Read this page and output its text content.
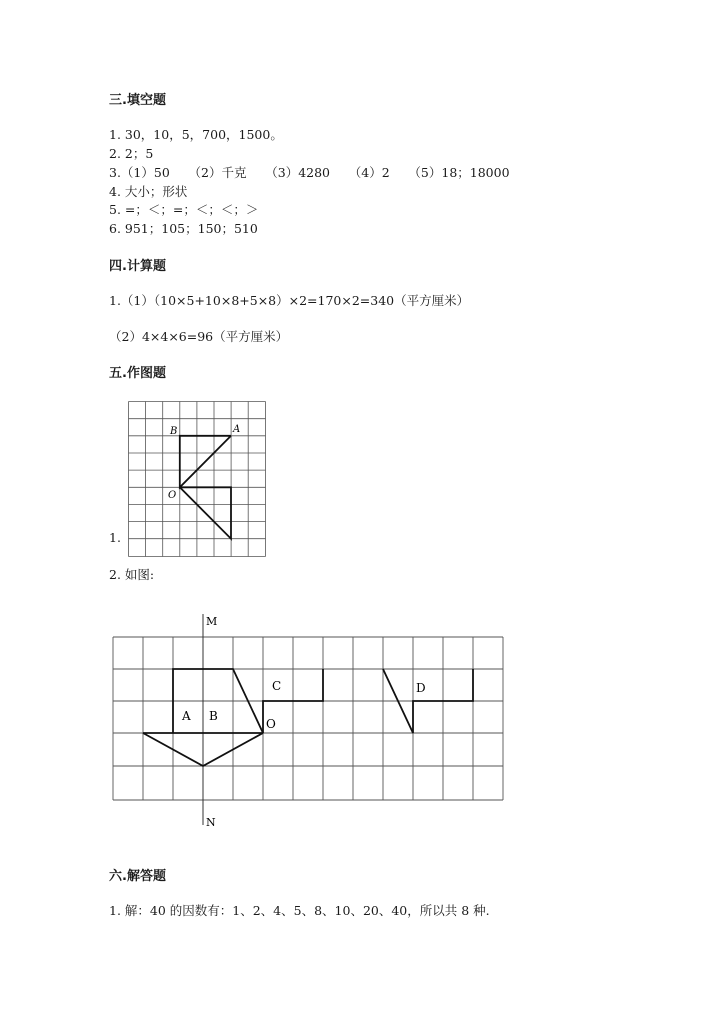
三.填空题
1. 30，10，5，700，1500。
2. 2；5
3.（1）50　　（2）千克　　（3）4280　　（4）2　　（5）18；18000
4. 大小；形状
5. =；＜；=；＜；＜；＞
6. 951；105；150；510
四.计算题
1.（1）（10×5+10×8+5×8）×2=170×2=340（平方厘米）
（2）4×4×6=96（平方厘米）
五.作图题
B	A
O
1.
2. 如图:
M
N
A B
C
O
D
六.解答题
1. 解：40 的因数有：1、2、4、5、8、10、20、40，所以共 8 种.
